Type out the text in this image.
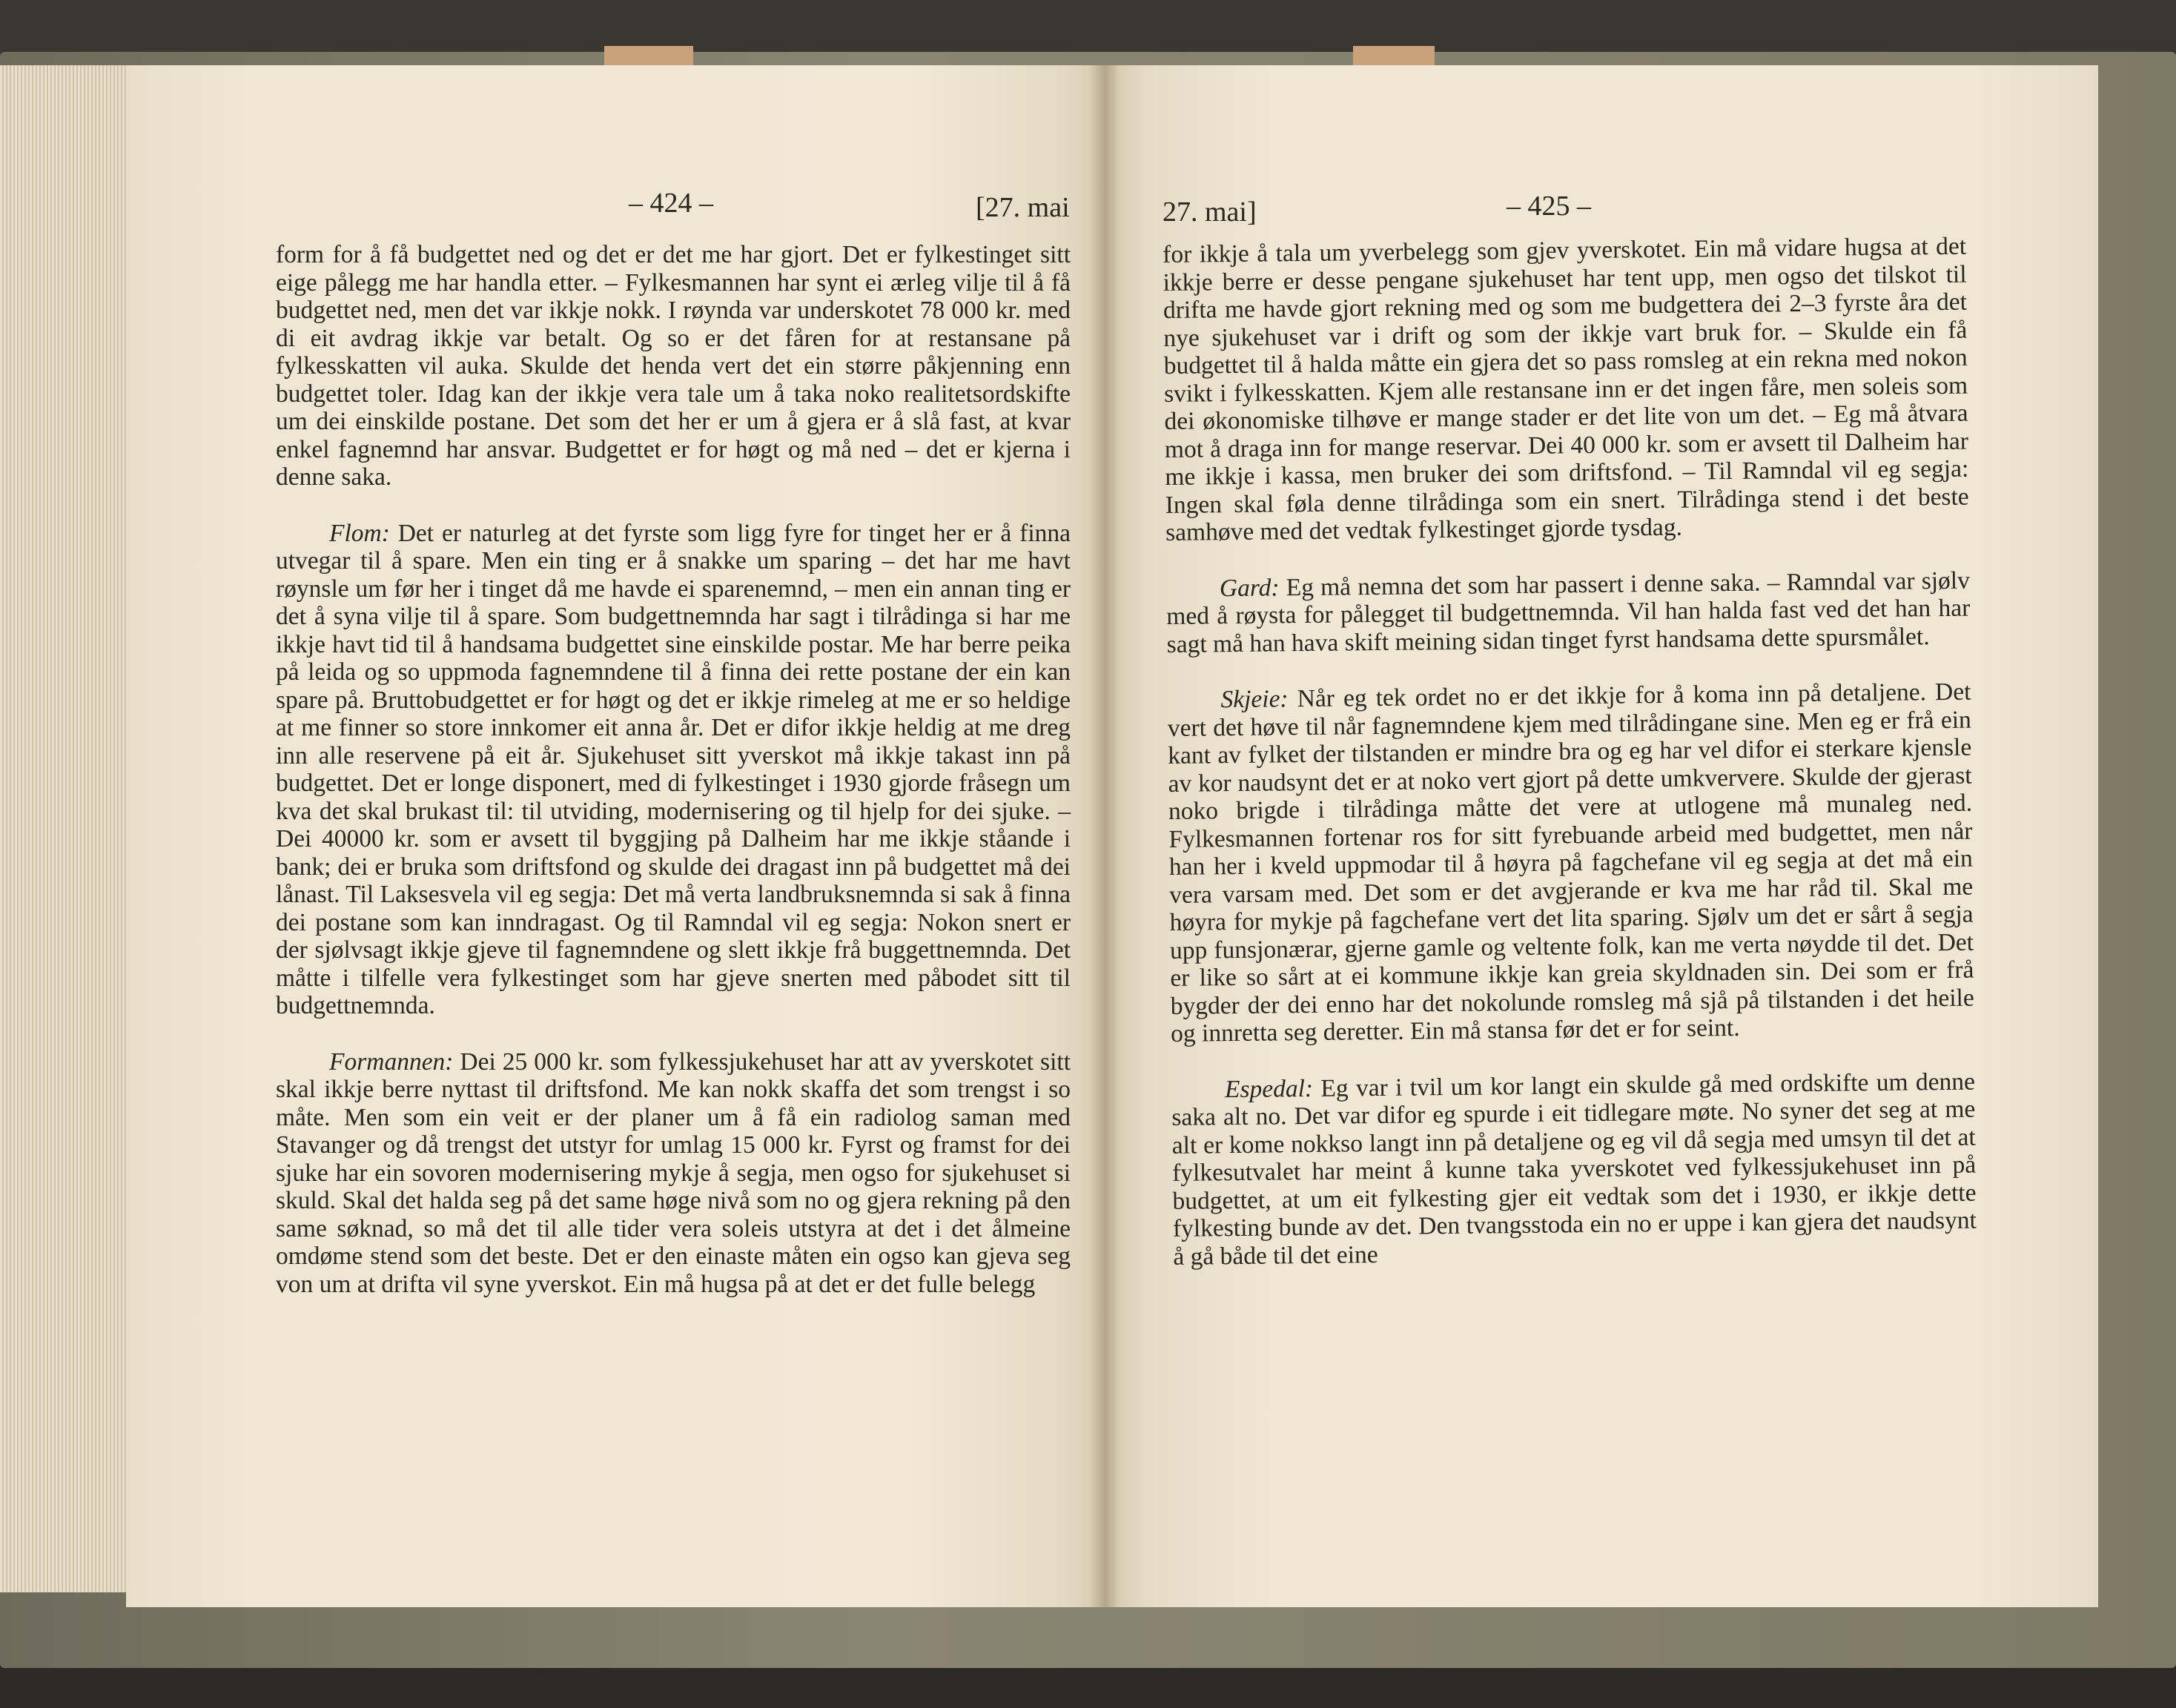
– 424 –	[27. mai	27. mai]	– 425 –

form for å få budgettet ned og det er det me har gjort. Det er fylkestinget sitt eige pålegg me har handla etter. – Fylkesmannen har synt ei ærleg vilje til å få budgettet ned, men det var ikkje nokk. I røynda var underskotet 78 000 kr. med di eit avdrag ikkje var betalt. Og so er det fåren for at restansane på fylkesskatten vil auka. Skulde det henda vert det ein større påkjenning enn budgettet toler. Idag kan der ikkje vera tale um å taka noko realitetsordskifte um dei einskilde postane. Det som det her er um å gjera er å slå fast, at kvar enkel fagnemnd har ansvar. Budgettet er for høgt og må ned – det er kjerna i denne saka.

Flom: Det er naturleg at det fyrste som ligg fyre for tinget her er å finna utvegar til å spare. Men ein ting er å snakke um sparing – det har me havt røynsle um før her i tinget då me havde ei sparenemnd, – men ein annan ting er det å syna vilje til å spare. Som budgettnemnda har sagt i tilrådinga si har me ikkje havt tid til å handsama budgettet sine einskilde postar. Me har berre peika på leida og so uppmoda fagnemndene til å finna dei rette postane der ein kan spare på. Bruttobudgettet er for høgt og det er ikkje rimeleg at me er so heldige at me finner so store innkomer eit anna år. Det er difor ikkje heldig at me dreg inn alle reservene på eit år. Sjukehuset sitt yverskot må ikkje takast inn på budgettet. Det er longe disponert, med di fylkestinget i 1930 gjorde fråsegn um kva det skal brukast til: til utviding, modernisering og til hjelp for dei sjuke. – Dei 40000 kr. som er avsett til byggjing på Dalheim har me ikkje ståande i bank; dei er bruka som driftsfond og skulde dei dragast inn på budgettet må dei lånast. Til Laksesvela vil eg segja: Det må verta landbruksnemnda si sak å finna dei postane som kan inndragast. Og til Ramndal vil eg segja: Nokon snert er der sjølvsagt ikkje gjeve til fagnemndene og slett ikkje frå buggettnemnda. Det måtte i tilfelle vera fylkestinget som har gjeve snerten med påbodet sitt til budgettnemnda.

Formannen: Dei 25 000 kr. som fylkessjukehuset har att av yverskotet sitt skal ikkje berre nyttast til driftsfond. Me kan nokk skaffa det som trengst i so måte. Men som ein veit er der planer um å få ein radiolog saman med Stavanger og då trengst det utstyr for umlag 15 000 kr. Fyrst og framst for dei sjuke har ein sovoren modernisering mykje å segja, men ogso for sjukehuset si skuld. Skal det halda seg på det same høge nivå som no og gjera rekning på den same søknad, so må det til alle tider vera soleis utstyra at det i det ålmeine omdøme stend som det beste. Det er den einaste måten ein ogso kan gjeva seg von um at drifta vil syne yverskot. Ein må hugsa på at det er det fulle belegg

for ikkje å tala um yverbelegg som gjev yverskotet. Ein må vidare hugsa at det ikkje berre er desse pengane sjukehuset har tent upp, men ogso det tilskot til drifta me havde gjort rekning med og som me budgettera dei 2–3 fyrste åra det nye sjukehuset var i drift og som der ikkje vart bruk for. – Skulde ein få budgettet til å halda måtte ein gjera det so pass romsleg at ein rekna med nokon svikt i fylkesskatten. Kjem alle restansane inn er det ingen fåre, men soleis som dei økonomiske tilhøve er mange stader er det lite von um det. – Eg må åtvara mot å draga inn for mange reservar. Dei 40 000 kr. som er avsett til Dalheim har me ikkje i kassa, men bruker dei som driftsfond. – Til Ramndal vil eg segja: Ingen skal føla denne tilrådinga som ein snert. Tilrådinga stend i det beste samhøve med det vedtak fylkestinget gjorde tysdag.

Gard: Eg må nemna det som har passert i denne saka. – Ramndal var sjølv med å røysta for pålegget til budgettnemnda. Vil han halda fast ved det han har sagt må han hava skift meining sidan tinget fyrst handsama dette spursmålet.

Skjeie: Når eg tek ordet no er det ikkje for å koma inn på detaljene. Det vert det høve til når fagnemndene kjem med tilrådingane sine. Men eg er frå ein kant av fylket der tilstanden er mindre bra og eg har vel difor ei sterkare kjensle av kor naudsynt det er at noko vert gjort på dette umkververe. Skulde der gjerast noko brigde i tilrådinga måtte det vere at utlogene må munaleg ned. Fylkesmannen fortenar ros for sitt fyrebuande arbeid med budgettet, men når han her i kveld uppmodar til å høyra på fagchefane vil eg segja at det må ein vera varsam med. Det som er det avgjerande er kva me har råd til. Skal me høyra for mykje på fagchefane vert det lita sparing. Sjølv um det er sårt å segja upp funsjonærar, gjerne gamle og veltente folk, kan me verta nøydde til det. Det er like so sårt at ei kommune ikkje kan greia skyldnaden sin. Dei som er frå bygder der dei enno har det nokolunde romsleg må sjå på tilstanden i det heile og innretta seg deretter. Ein må stansa før det er for seint.

Espedal: Eg var i tvil um kor langt ein skulde gå med ordskifte um denne saka alt no. Det var difor eg spurde i eit tidlegare møte. No syner det seg at me alt er kome nokkso langt inn på detaljene og eg vil då segja med umsyn til det at fylkesutvalet har meint å kunne taka yverskotet ved fylkessjukehuset inn på budgettet, at um eit fylkesting gjer eit vedtak som det i 1930, er ikkje dette fylkesting bunde av det. Den tvangsstoda ein no er uppe i kan gjera det naudsynt å gå både til det eine
